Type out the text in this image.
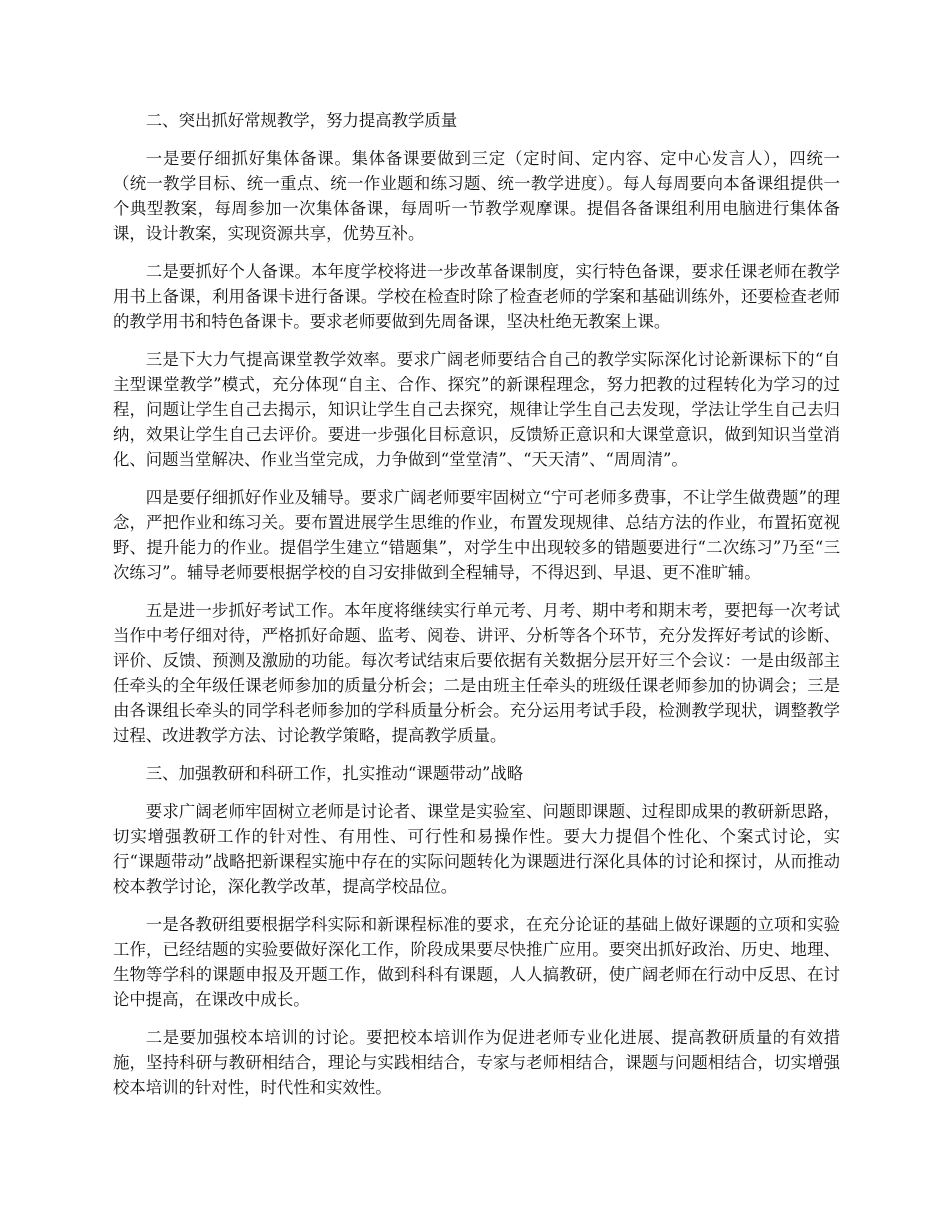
二、突出抓好常规教学，努力提高教学质量

一是要仔细抓好集体备课。集体备课要做到三定（定时间、定内容、定中心发言人），四统一（统一教学目标、统一重点、统一作业题和练习题、统一教学进度）。每人每周要向本备课组提供一个典型教案，每周参加一次集体备课，每周听一节教学观摩课。提倡各备课组利用电脑进行集体备课，设计教案，实现资源共享，优势互补。

二是要抓好个人备课。本年度学校将进一步改革备课制度，实行特色备课，要求任课老师在教学用书上备课，利用备课卡进行备课。学校在检查时除了检查老师的学案和基础训练外，还要检查老师的教学用书和特色备课卡。要求老师要做到先周备课，坚决杜绝无教案上课。

三是下大力气提高课堂教学效率。要求广阔老师要结合自己的教学实际深化讨论新课标下的“自主型课堂教学”模式，充分体现“自主、合作、探究”的新课程理念，努力把教的过程转化为学习的过程，问题让学生自己去揭示，知识让学生自己去探究，规律让学生自己去发现，学法让学生自己去归纳，效果让学生自己去评价。要进一步强化目标意识，反馈矫正意识和大课堂意识，做到知识当堂消化、问题当堂解决、作业当堂完成，力争做到“堂堂清”、“天天清”、“周周清”。

四是要仔细抓好作业及辅导。要求广阔老师要牢固树立“宁可老师多费事，不让学生做费题”的理念，严把作业和练习关。要布置进展学生思维的作业，布置发现规律、总结方法的作业，布置拓宽视野、提升能力的作业。提倡学生建立“错题集”，对学生中出现较多的错题要进行“二次练习”乃至“三次练习”。辅导老师要根据学校的自习安排做到全程辅导，不得迟到、早退、更不准旷辅。

五是进一步抓好考试工作。本年度将继续实行单元考、月考、期中考和期末考，要把每一次考试当作中考仔细对待，严格抓好命题、监考、阅卷、讲评、分析等各个环节，充分发挥好考试的诊断、评价、反馈、预测及激励的功能。每次考试结束后要依据有关数据分层开好三个会议：一是由级部主任牵头的全年级任课老师参加的质量分析会；二是由班主任牵头的班级任课老师参加的协调会；三是由各课组长牵头的同学科老师参加的学科质量分析会。充分运用考试手段，检测教学现状，调整教学过程、改进教学方法、讨论教学策略，提高教学质量。

三、加强教研和科研工作，扎实推动“课题带动”战略

要求广阔老师牢固树立老师是讨论者、课堂是实验室、问题即课题、过程即成果的教研新思路，切实增强教研工作的针对性、有用性、可行性和易操作性。要大力提倡个性化、个案式讨论，实行“课题带动”战略把新课程实施中存在的实际问题转化为课题进行深化具体的讨论和探讨，从而推动校本教学讨论，深化教学改革，提高学校品位。

一是各教研组要根据学科实际和新课程标准的要求，在充分论证的基础上做好课题的立项和实验工作，已经结题的实验要做好深化工作，阶段成果要尽快推广应用。要突出抓好政治、历史、地理、生物等学科的课题申报及开题工作，做到科科有课题，人人搞教研，使广阔老师在行动中反思、在讨论中提高，在课改中成长。

二是要加强校本培训的讨论。要把校本培训作为促进老师专业化进展、提高教研质量的有效措施，坚持科研与教研相结合，理论与实践相结合，专家与老师相结合，课题与问题相结合，切实增强校本培训的针对性，时代性和实效性。
